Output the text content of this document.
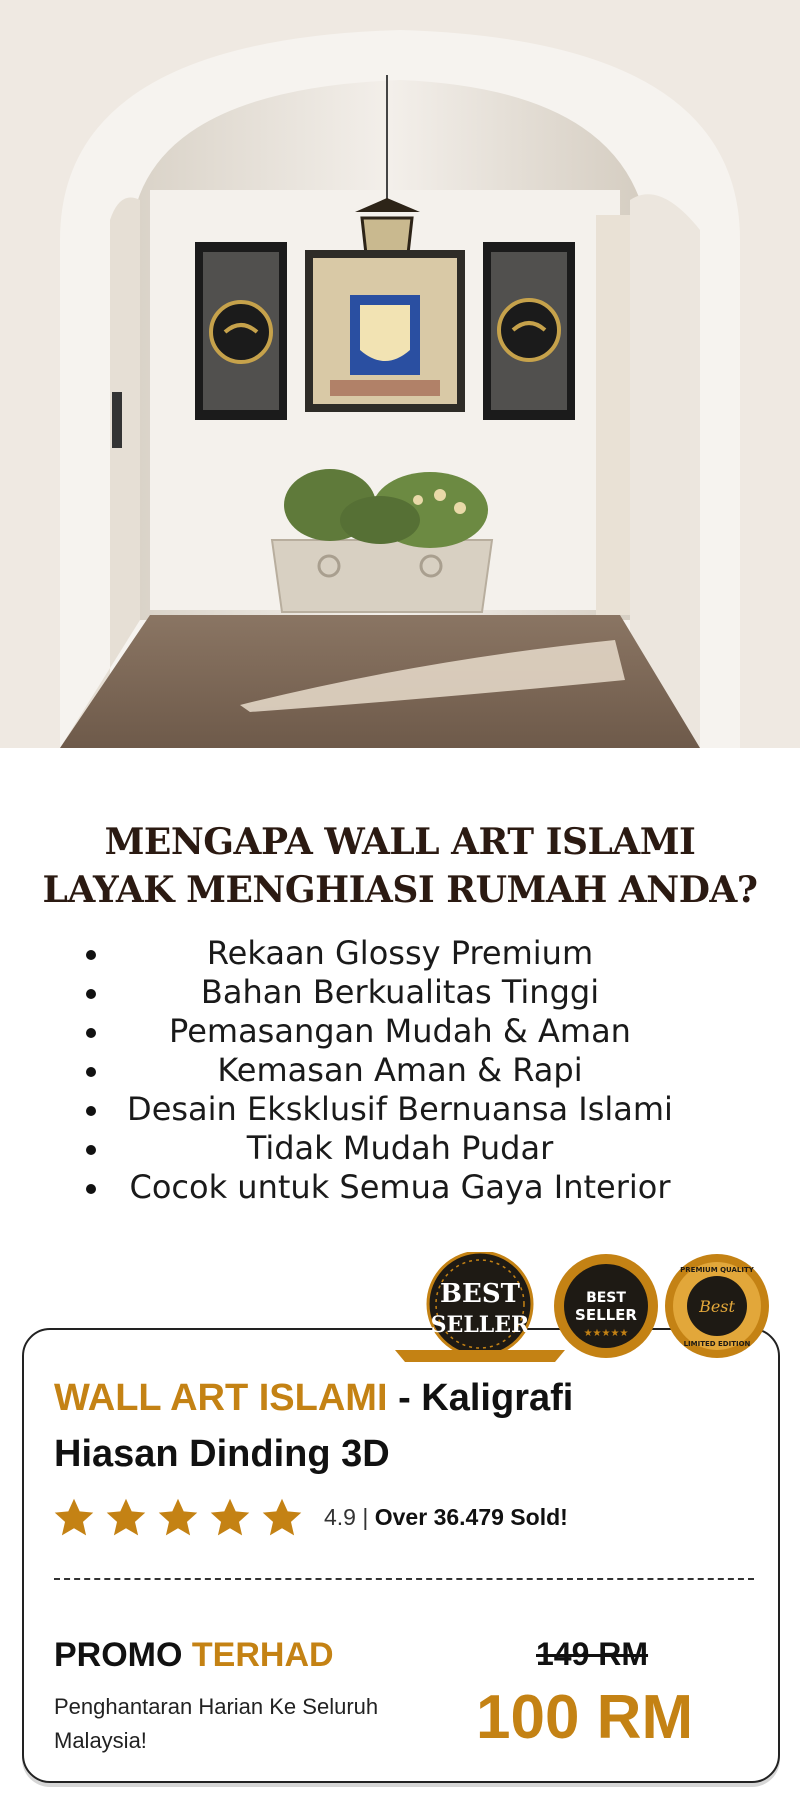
MENGAPA WALL ART ISLAMI
LAYAK MENGHIASI RUMAH ANDA?
Rekaan Glossy Premium
Bahan Berkualitas Tinggi
Pemasangan Mudah & Aman
Kemasan Aman & Rapi
Desain Eksklusif Bernuansa Islami
Tidak Mudah Pudar
Cocok untuk Semua Gaya Interior
WALL ART ISLAMI - Kaligrafi Hiasan Dinding 3D
4.9 | Over 36.479 Sold!
PROMO TERHAD
Penghantaran Harian Ke Seluruh Malaysia!
149 RM
100 RM
BEST
SELLER
BEST
SELLER
★★★★★
PREMIUM QUALITY
Best
LIMITED EDITION
